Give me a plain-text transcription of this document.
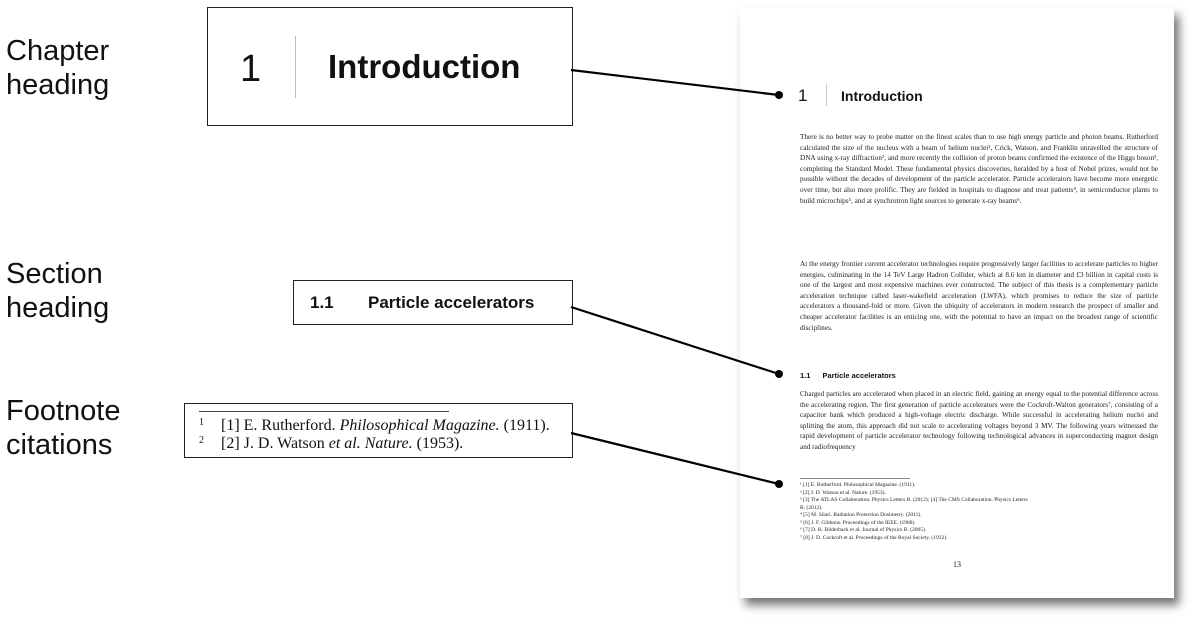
Chapter
heading
Section
heading
Footnote
citations
1 Introduction
1.1 Particle accelerators
1 [1] E. Rutherford. Philosophical Magazine. (1911).
2 [2] J. D. Watson et al. Nature. (1953).
1 Introduction
There is no better way to probe matter on the finest scales than to use high energy particle and photon beams. Rutherford calculated the size of the nucleus with a beam of helium nuclei¹, Crick, Watson, and Franklin unravelled the structure of DNA using x-ray diffraction², and more recently the collision of proton beams confirmed the existence of the Higgs boson³, completing the Standard Model. These fundamental physics discoveries, heralded by a host of Nobel prizes, would not be possible without the decades of development of the particle accelerator. Particle accelerators have become more energetic over time, but also more prolific. They are fielded in hospitals to diagnose and treat patients⁴, in semiconductor plants to build microchips⁵, and at synchrotron light sources to generate x-ray beams⁶.
At the energy frontier current accelerator technologies require progressively larger facilities to accelerate particles to higher energies, culminating in the 14 TeV Large Hadron Collider, which at 8.6 km in diameter and £3 billion in capital costs is one of the largest and most expensive machines ever constructed. The subject of this thesis is a complementary particle acceleration technique called laser-wakefield acceleration (LWFA), which promises to reduce the size of particle accelerators a thousand-fold or more. Given the ubiquity of accelerators in modern research the prospect of smaller and cheaper accelerator facilities is an enticing one, with the potential to have an impact on the broadest range of scientific disciplines.
1.1 Particle accelerators
Charged particles are accelerated when placed in an electric field, gaining an energy equal to the potential difference across the accelerating region. The first generation of particle accelerators were the Cockroft-Walton generators⁷, consisting of a capacitor bank which produced a high-voltage electric discharge. While successful in accelerating helium nuclei and splitting the atom, this approach did not scale to accelerating voltages beyond 3 MV. The following years witnessed the rapid development of particle accelerator technology following technological advances in superconducting magnet design and radiofrequency
¹ [1] E. Rutherford. Philosophical Magazine. (1911).
² [2] J. D. Watson et al. Nature. (1953).
³ [3] The ATLAS Collaboration. Physics Letters B. (2012); [4] The CMS Collaboration. Physics Letters
B. (2012).
⁴ [5] M. Silari. Radiation Protection Dosimetry. (2011).
⁵ [6] J. F. Gibbons. Proceedings of the IEEE. (1968).
⁶ [7] D. H. Bilderback et al. Journal of Physics B. (2005).
⁷ [8] J. D. Cockroft et al. Proceedings of the Royal Society. (1932).
13
